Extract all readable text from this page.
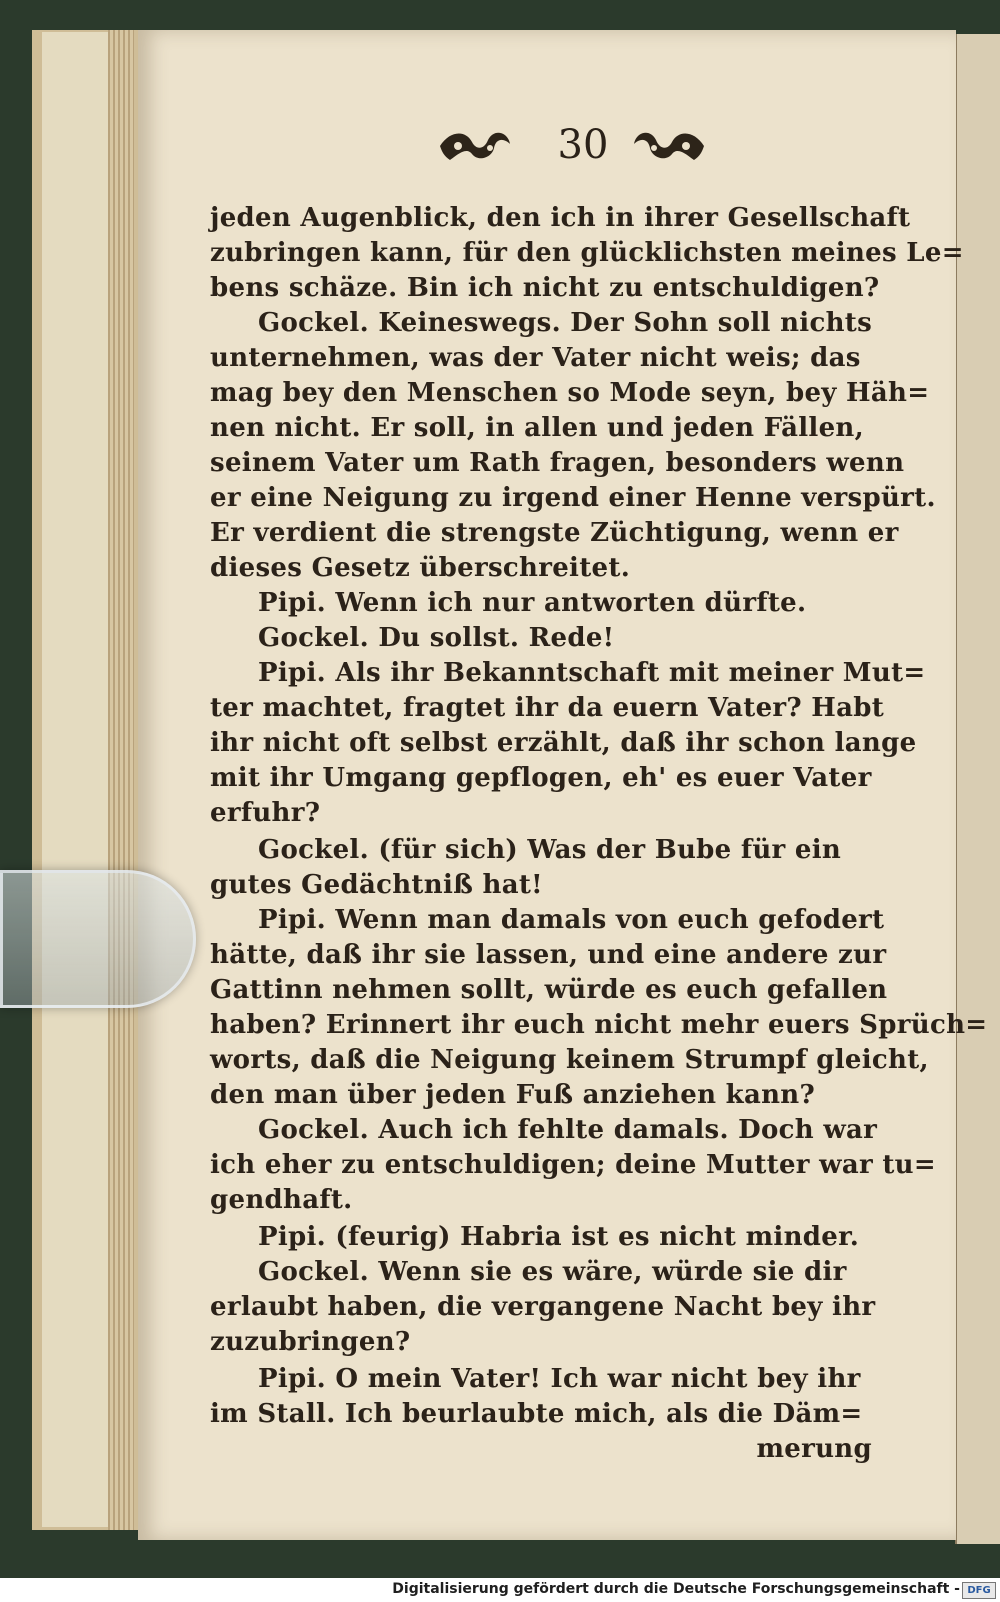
30
jeden Augenblick, den ich in ihrer Gesellschaft
zubringen kann, für den glücklichsten meines Le=
bens schäze. Bin ich nicht zu entschuldigen?
Gockel. Keineswegs. Der Sohn soll nichts
unternehmen, was der Vater nicht weis; das
mag bey den Menschen so Mode seyn, bey Häh=
nen nicht. Er soll, in allen und jeden Fällen,
seinem Vater um Rath fragen, besonders wenn
er eine Neigung zu irgend einer Henne verspürt.
Er verdient die strengste Züchtigung, wenn er
dieses Gesetz überschreitet.
Pipi. Wenn ich nur antworten dürfte.
Gockel. Du sollst. Rede!
Pipi. Als ihr Bekanntschaft mit meiner Mut=
ter machtet, fragtet ihr da euern Vater? Habt
ihr nicht oft selbst erzählt, daß ihr schon lange
mit ihr Umgang gepflogen, eh' es euer Vater
erfuhr?
Gockel. (für sich) Was der Bube für ein
gutes Gedächtniß hat!
Pipi. Wenn man damals von euch gefodert
hätte, daß ihr sie lassen, und eine andere zur
Gattinn nehmen sollt, würde es euch gefallen
haben? Erinnert ihr euch nicht mehr euers Sprüch=
worts, daß die Neigung keinem Strumpf gleicht,
den man über jeden Fuß anziehen kann?
Gockel. Auch ich fehlte damals. Doch war
ich eher zu entschuldigen; deine Mutter war tu=
gendhaft.
Pipi. (feurig) Habria ist es nicht minder.
Gockel. Wenn sie es wäre, würde sie dir
erlaubt haben, die vergangene Nacht bey ihr
zuzubringen?
Pipi. O mein Vater! Ich war nicht bey ihr
im Stall. Ich beurlaubte mich, als die Däm=
merung
Digitalisierung gefördert durch die Deutsche Forschungsgemeinschaft - DFG
